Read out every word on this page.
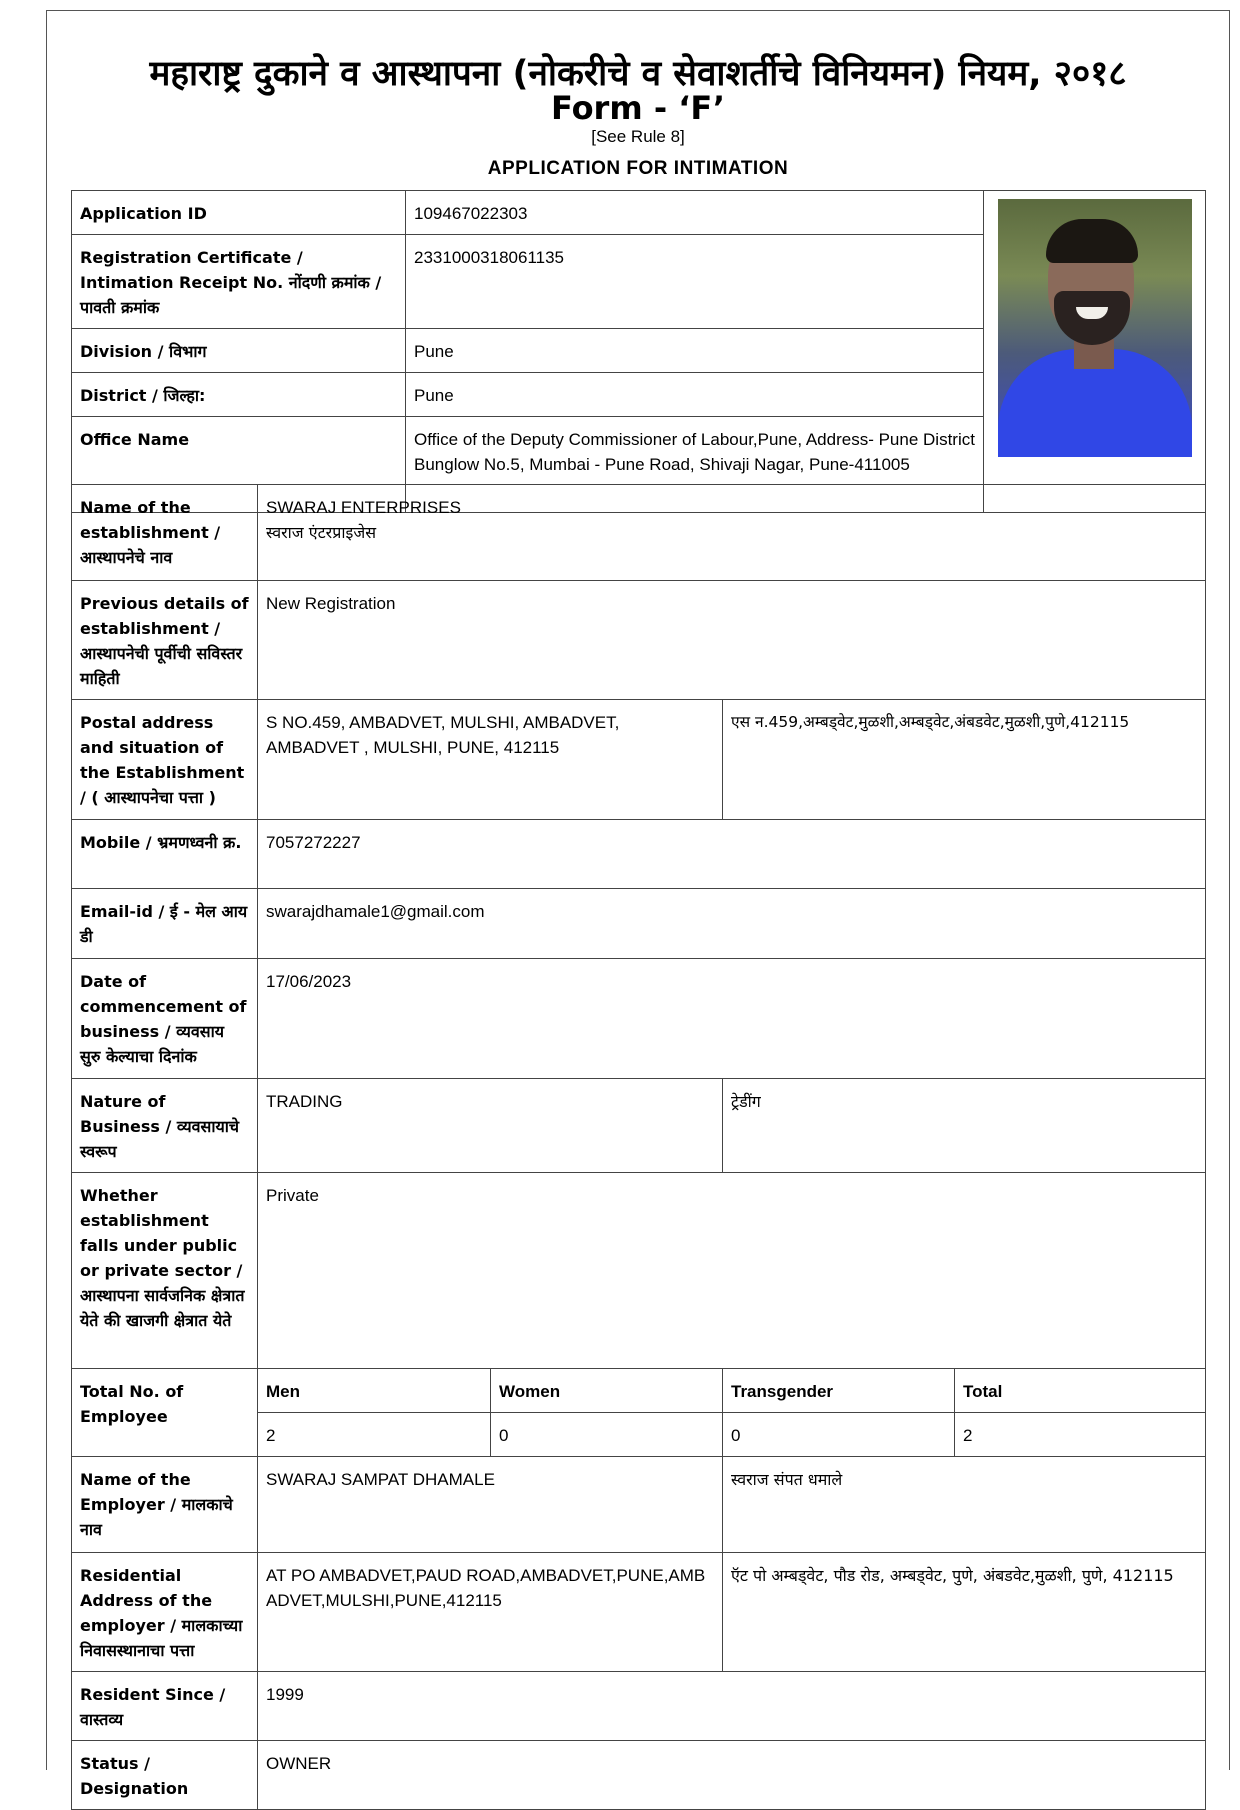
महाराष्ट्र दुकाने व आस्थापना (नोकरीचे व सेवाशर्तीचे विनियमन) नियम, २०१८
Form - ‘F’
[See Rule 8]
APPLICATION FOR INTIMATION
Application ID	109467022303	

Registration Certificate / Intimation Receipt No. नोंदणी क्रमांक / पावती क्रमांक	2331000318061135	
Division / विभाग	Pune	
District / जिल्हा:	Pune	
Office Name	Office of the Deputy Commissioner of Labour,Pune, Address- Pune District Bunglow No.5, Mumbai - Pune Road, Shivaji Nagar, Pune-411005	
Name of the establishment / आस्थापनेचे नाव	SWARAJ ENTERPRISES
स्वराज एंटरप्राइजेस			

Previous details of establishment / आस्थापनेची पूर्वीची सविस्तर माहिती	New Registration			
Postal address and situation of the Establishment / ( आस्थापनेचा पत्ता )	S NO.459, AMBADVET, MULSHI, AMBADVET, AMBADVET , MULSHI, PUNE, 412115		एस न.459,अम्बड्वेट,मुळशी,अम्बड्वेट,अंबडवेट,मुळशी,पुणे,412115	
Mobile / भ्रमणध्वनी क्र.	7057272227			
Email-id / ई - मेल आय डी	swarajdhamale1@gmail.com			
Date of commencement of business / व्यवसाय सुरु केल्याचा दिनांक	17/06/2023			
Nature of Business / व्यवसायाचे स्वरूप	TRADING		ट्रेडींग	
Whether establishment falls under public or private sector / आस्थापना सार्वजनिक क्षेत्रात येते की खाजगी क्षेत्रात येते	Private			
Total No. of Employee	Men	Women	Transgender	Total
	2	0	0	2
Name of the Employer / मालकाचे नाव	SWARAJ SAMPAT DHAMALE		स्वराज संपत धमाले	
Residential Address of the employer / मालकाच्या निवासस्थानाचा पत्ता	AT PO AMBADVET,PAUD ROAD,AMBADVET,PUNE,AMBADVET,MULSHI,PUNE,412115		ऍट पो अम्बड्वेट, पौड रोड, अम्बड्वेट, पुणे, अंबडवेट,मुळशी, पुणे, 412115	
Resident Since / वास्तव्य	1999			
Status / Designation	OWNER			
